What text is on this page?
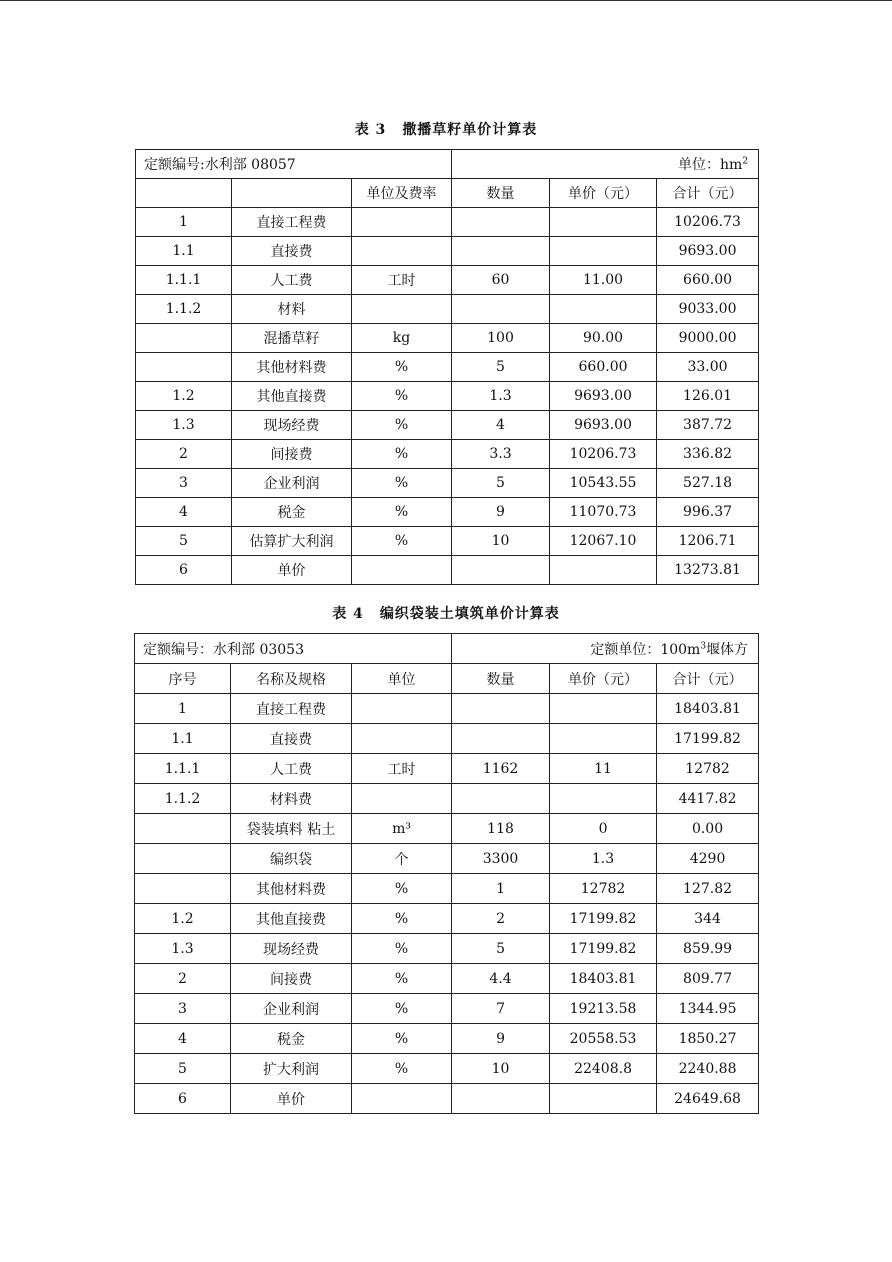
表 3 撒播草籽单价计算表
定额编号:水利部 08057			单位：$hm^2$
		单位及费率	数量	单价（元）	合计（元）
1	直接工程费				10206.73
1.1	直接费				9693.00
1.1.1	人工费	工时	60	11.00	660.00
1.1.2	材料				9033.00
	混播草籽	kg	100	90.00	9000.00
	其他材料费	%	5	660.00	33.00
1.2	其他直接费	%	1.3	9693.00	126.01
1.3	现场经费	%	4	9693.00	387.72
2	间接费	%	3.3	10206.73	336.82
3	企业利润	%	5	10543.55	527.18
4	税金	%	9	11070.73	996.37
5	估算扩大利润	%	10	12067.10	1206.71
6	单价				13273.81
表 4 编织袋装土填筑单价计算表
定额编号：水利部 03053			定额单位：$100m^3$堰体方		
序号	名称及规格	单位	数量	单价（元）	合计（元）
1	直接工程费				18403.81
1.1	直接费				17199.82
1.1.1	人工费	工时	1162	11	12782
1.1.2	材料费				4417.82
	袋装填料 粘土	m³	118	0	0.00
	编织袋	个	3300	1.3	4290
	其他材料费	%	1	12782	127.82
1.2	其他直接费	%	2	17199.82	344
1.3	现场经费	%	5	17199.82	859.99
2	间接费	%	4.4	18403.81	809.77
3	企业利润	%	7	19213.58	1344.95
4	税金	%	9	20558.53	1850.27
5	扩大利润	%	10	22408.8	2240.88
6	单价				24649.68
